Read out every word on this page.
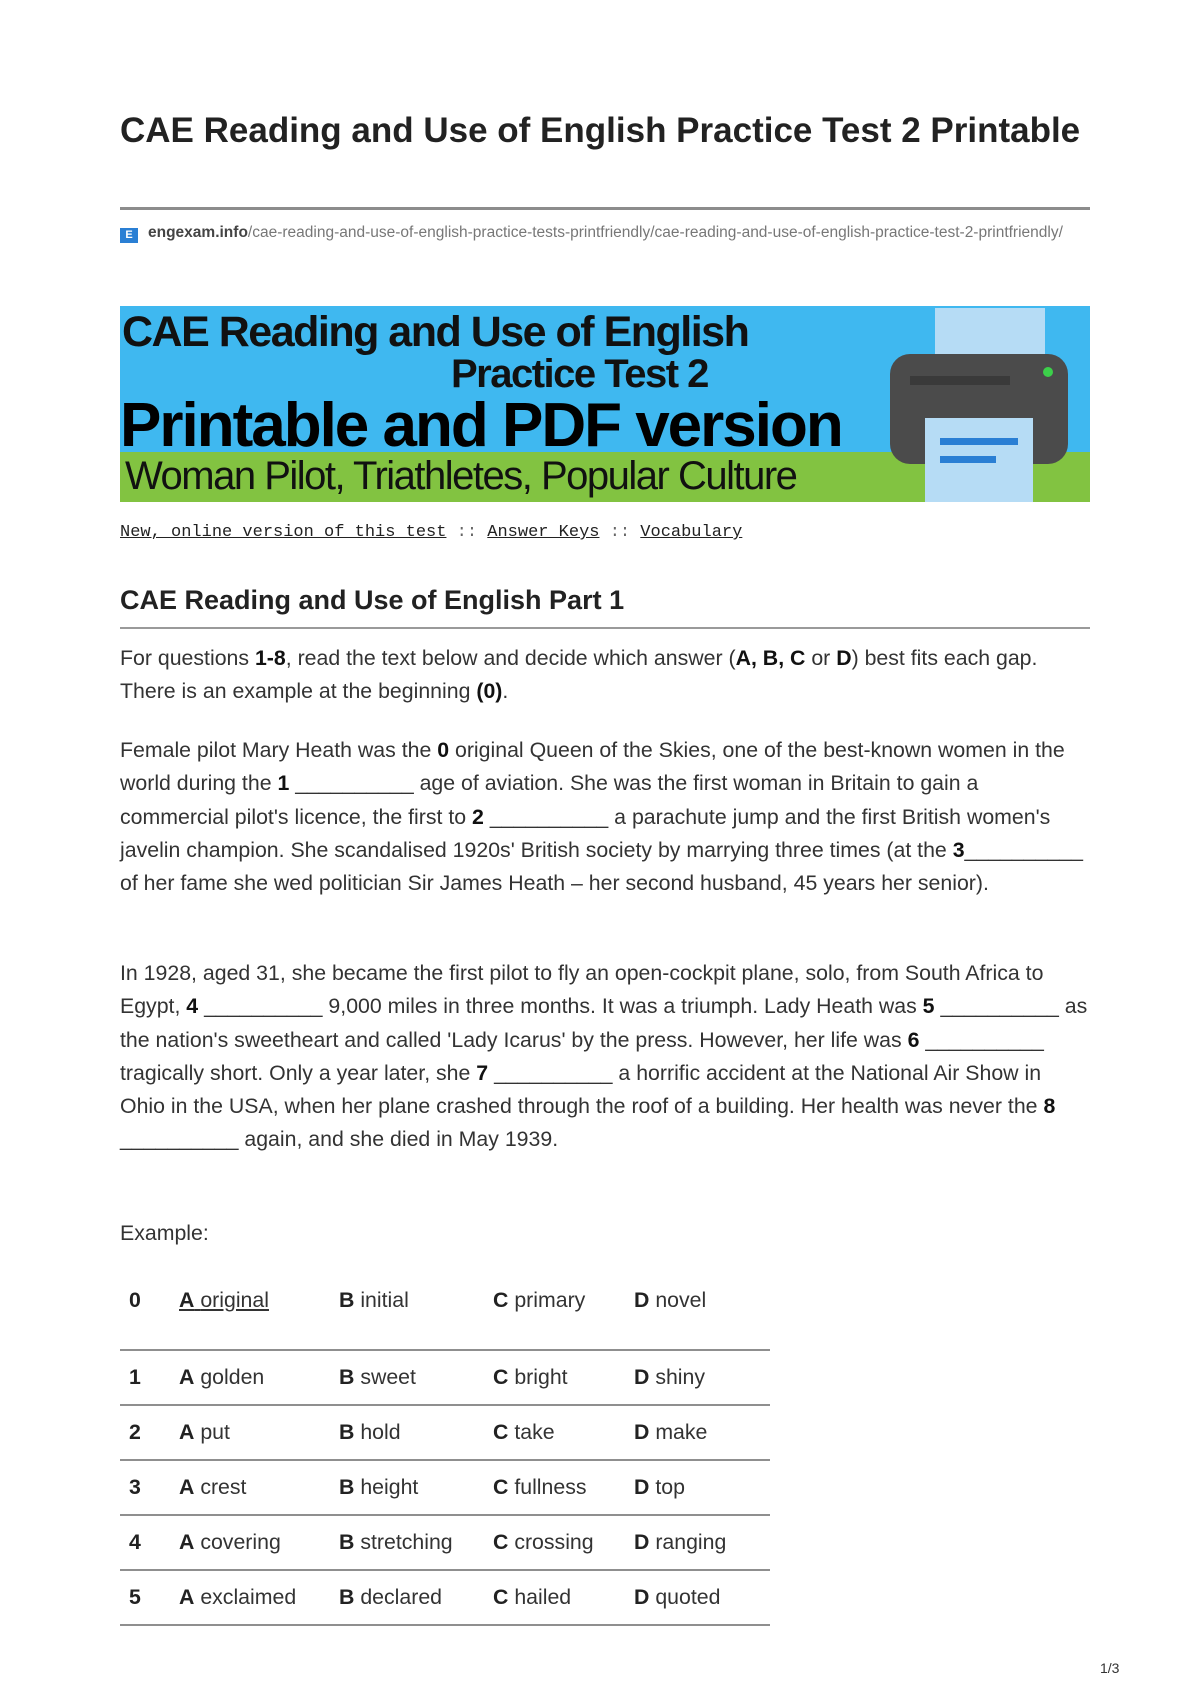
CAE Reading and Use of English Practice Test 2 Printable
E engexam.info/cae-reading-and-use-of-english-practice-tests-printfriendly/cae-reading-and-use-of-english-practice-test-2-printfriendly/
CAE Reading and Use of English
Practice Test 2
Printable and PDF version
Woman Pilot, Triathletes, Popular Culture
New, online version of this test :: Answer Keys :: Vocabulary
CAE Reading and Use of English Part 1

For questions 1-8, read the text below and decide which answer (A, B, C or D) best fits each gap. There is an example at the beginning (0).

Female pilot Mary Heath was the 0 original Queen of the Skies, one of the best-known women in the world during the 1 __________ age of aviation. She was the first woman in Britain to gain a commercial pilot's licence, the first to 2 __________ a parachute jump and the first British women's javelin champion. She scandalised 1920s' British society by marrying three times (at the 3__________ of her fame she wed politician Sir James Heath – her second husband, 45 years her senior).

In 1928, aged 31, she became the first pilot to fly an open-cockpit plane, solo, from South Africa to Egypt, 4 __________ 9,000 miles in three months. It was a triumph. Lady Heath was 5 __________ as the nation's sweetheart and called 'Lady Icarus' by the press. However, her life was 6 __________ tragically short. Only a year later, she 7 __________ a horrific accident at the National Air Show in Ohio in the USA, when her plane crashed through the roof of a building. Her health was never the 8 __________ again, and she died in May 1939.

Example:

0	A original	B initial	C primary	D novel

1	A golden	B sweet	C bright	D shiny
2	A put	B hold	C take	D make
3	A crest	B height	C fullness	D top
4	A covering	B stretching	C crossing	D ranging
5	A exclaimed	B declared	C hailed	D quoted
1/3
